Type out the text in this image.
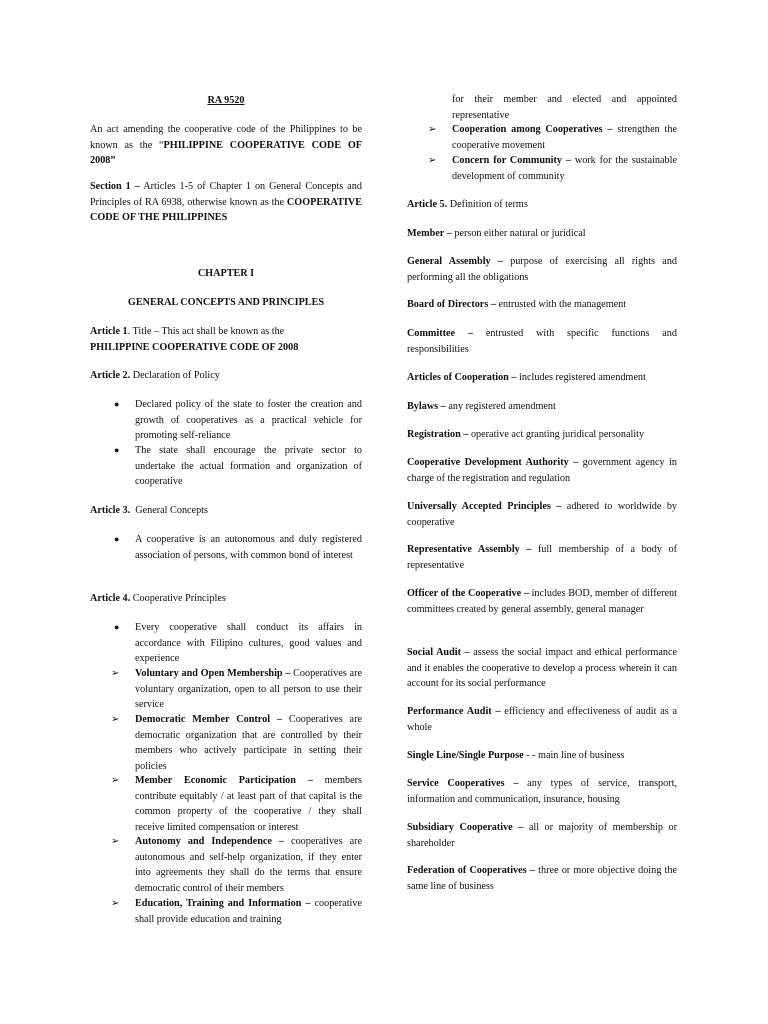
RA 9520

An act amending the cooperative code of the Philippines to be known as the “PHILIPPINE COOPERATIVE CODE OF 2008”

Section 1 – Articles 1-5 of Chapter 1 on General Concepts and Principles of RA 6938, otherwise known as the COOPERATIVE CODE OF THE PHILIPPINES

CHAPTER I

GENERAL CONCEPTS AND PRINCIPLES

Article 1. Title – This act shall be known as the
PHILIPPINE COOPERATIVE CODE OF 2008

Article 2. Declaration of Policy

● Declared policy of the state to foster the creation and growth of cooperatives as a practical vehicle for promoting self-reliance
● The state shall encourage the private sector to undertake the actual formation and organization of cooperative

Article 3.  General Concepts

● A cooperative is an autonomous and duly registered association of persons, with common bond of interest

Article 4. Cooperative Principles

● Every cooperative shall conduct its affairs in accordance with Filipino cultures, good values and experience
➢ Voluntary and Open Membership – Cooperatives are voluntary organization, open to all person to use their service
➢ Democratic Member Control – Cooperatives are democratic organization that are controlled by their members who actively participate in setting their policies
➢ Member Economic Participation – members contribute equitably / at least part of that capital is the common property of the cooperative / they shall receive limited compensation or interest
➢ Autonomy and Independence – cooperatives are autonomous and self-help organization, if they enter into agreements they shall do the terms that ensure democratic control of their members
➢ Education, Training and Information – cooperative shall provide education and training

for their member and elected and appointed representative

➢ Cooperation among Cooperatives – strengthen the cooperative movement
➢ Concern for Community – work for the sustainable development of community

Article 5. Definition of terms

Member – person either natural or juridical

General Assembly – purpose of exercising all rights and performing all the obligations

Board of Directors – entrusted with the management

Committee – entrusted with specific functions and responsibilities

Articles of Cooperation – includes registered amendment

Bylaws – any registered amendment

Registration – operative act granting juridical personality

Cooperative Development Authority – government agency in charge of the registration and regulation

Universally Accepted Principles – adhered to worldwide by cooperative

Representative Assembly – full membership of a body of representative

Officer of the Cooperative – includes BOD, member of different committees created by general assembly, general manager

Social Audit – assess the social impact and ethical performance and it enables the cooperative to develop a process wherein it can account for its social performance

Performance Audit – efficiency and effectiveness of audit as a whole

Single Line/Single Purpose - - main line of business

Service Cooperatives – any types of service, transport, information and communication, insurance, housing

Subsidiary Cooperative – all or majority of membership or shareholder

Federation of Cooperatives – three or more objective doing the same line of business
